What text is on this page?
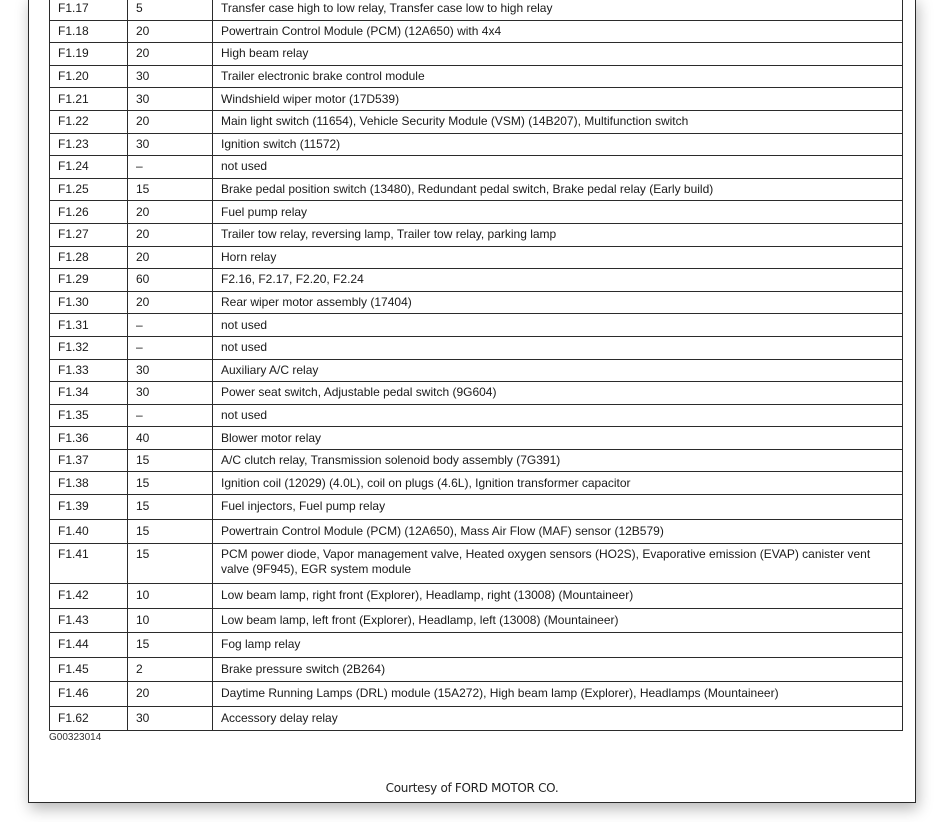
F1.17	5	Transfer case high to low relay, Transfer case low to high relay
F1.18	20	Powertrain Control Module (PCM) (12A650) with 4x4
F1.19	20	High beam relay
F1.20	30	Trailer electronic brake control module
F1.21	30	Windshield wiper motor (17D539)
F1.22	20	Main light switch (11654), Vehicle Security Module (VSM) (14B207), Multifunction switch
F1.23	30	Ignition switch (11572)
F1.24	–	not used
F1.25	15	Brake pedal position switch (13480), Redundant pedal switch, Brake pedal relay (Early build)
F1.26	20	Fuel pump relay
F1.27	20	Trailer tow relay, reversing lamp, Trailer tow relay, parking lamp
F1.28	20	Horn relay
F1.29	60	F2.16, F2.17, F2.20, F2.24
F1.30	20	Rear wiper motor assembly (17404)
F1.31	–	not used
F1.32	–	not used
F1.33	30	Auxiliary A/C relay
F1.34	30	Power seat switch, Adjustable pedal switch (9G604)
F1.35	–	not used
F1.36	40	Blower motor relay
F1.37	15	A/C clutch relay, Transmission solenoid body assembly (7G391)
F1.38	15	Ignition coil (12029) (4.0L), coil on plugs (4.6L), Ignition transformer capacitor
F1.39	15	Fuel injectors, Fuel pump relay
F1.40	15	Powertrain Control Module (PCM) (12A650), Mass Air Flow (MAF) sensor (12B579)
F1.41	15	PCM power diode, Vapor management valve, Heated oxygen sensors (HO2S), Evaporative emission (EVAP) canister vent valve (9F945), EGR system module
F1.42	10	Low beam lamp, right front (Explorer), Headlamp, right (13008) (Mountaineer)
F1.43	10	Low beam lamp, left front (Explorer), Headlamp, left (13008) (Mountaineer)
F1.44	15	Fog lamp relay
F1.45	2	Brake pressure switch (2B264)
F1.46	20	Daytime Running Lamps (DRL) module (15A272), High beam lamp (Explorer), Headlamps (Mountaineer)
F1.62	30	Accessory delay relay
G00323014
Courtesy of FORD MOTOR CO.
